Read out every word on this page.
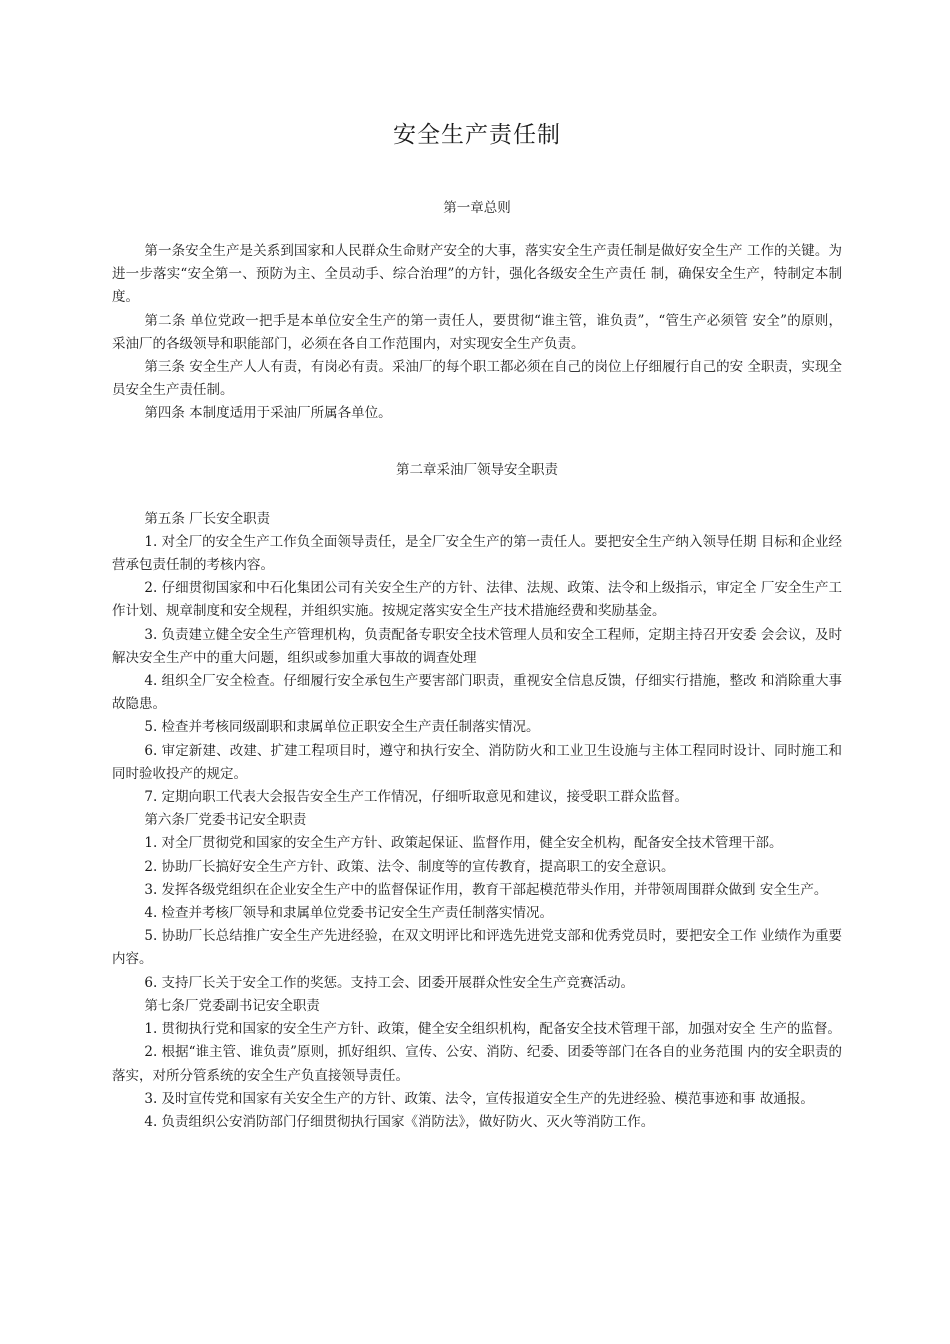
安全生产责任制
第一章总则

第一条安全生产是关系到国家和人民群众生命财产安全的大事，落实安全生产责任制是做好安全生产 工作的关键。为进一步落实“安全第一、预防为主、全员动手、综合治理”的方针，强化各级安全生产责任 制，确保安全生产，特制定本制度。

第二条 单位党政一把手是本单位安全生产的第一责任人，要贯彻“谁主管，谁负责”，“管生产必须管 安全”的原则，采油厂的各级领导和职能部门，必须在各自工作范围内，对实现安全生产负责。

第三条 安全生产人人有责，有岗必有责。采油厂的每个职工都必须在自己的岗位上仔细履行自己的安 全职责，实现全员安全生产责任制。

第四条 本制度适用于采油厂所属各单位。

第二章采油厂领导安全职责

第五条 厂长安全职责

1. 对全厂的安全生产工作负全面领导责任，是全厂安全生产的第一责任人。要把安全生产纳入领导任期 目标和企业经营承包责任制的考核内容。

2. 仔细贯彻国家和中石化集团公司有关安全生产的方针、法律、法规、政策、法令和上级指示，审定全 厂安全生产工作计划、规章制度和安全规程，并组织实施。按规定落实安全生产技术措施经费和奖励基金。

3. 负责建立健全安全生产管理机构，负责配备专职安全技术管理人员和安全工程师，定期主持召开安委 会会议，及时解决安全生产中的重大问题，组织或参加重大事故的调查处理

4. 组织全厂安全检查。仔细履行安全承包生产要害部门职责，重视安全信息反馈，仔细实行措施，整改 和消除重大事故隐患。

5. 检查并考核同级副职和隶属单位正职安全生产责任制落实情况。

6. 审定新建、改建、扩建工程项目时，遵守和执行安全、消防防火和工业卫生设施与主体工程同时设计、同时施工和同时验收投产的规定。

7. 定期向职工代表大会报告安全生产工作情况，仔细听取意见和建议，接受职工群众监督。

第六条厂党委书记安全职责

1. 对全厂贯彻党和国家的安全生产方针、政策起保证、监督作用，健全安全机构，配备安全技术管理干部。

2. 协助厂长搞好安全生产方针、政策、法令、制度等的宣传教育，提高职工的安全意识。

3. 发挥各级党组织在企业安全生产中的监督保证作用，教育干部起模范带头作用，并带领周围群众做到 安全生产。

4. 检查并考核厂领导和隶属单位党委书记安全生产责任制落实情况。

5. 协助厂长总结推广安全生产先进经验，在双文明评比和评选先进党支部和优秀党员时，要把安全工作 业绩作为重要内容。

6. 支持厂长关于安全工作的奖惩。支持工会、团委开展群众性安全生产竞赛活动。

第七条厂党委副书记安全职责

1. 贯彻执行党和国家的安全生产方针、政策，健全安全组织机构，配备安全技术管理干部，加强对安全 生产的监督。

2. 根据“谁主管、谁负责”原则，抓好组织、宣传、公安、消防、纪委、团委等部门在各自的业务范围 内的安全职责的落实，对所分管系统的安全生产负直接领导责任。

3. 及时宣传党和国家有关安全生产的方针、政策、法令，宣传报道安全生产的先进经验、模范事迹和事 故通报。

4. 负责组织公安消防部门仔细贯彻执行国家《消防法》，做好防火、灭火等消防工作。
